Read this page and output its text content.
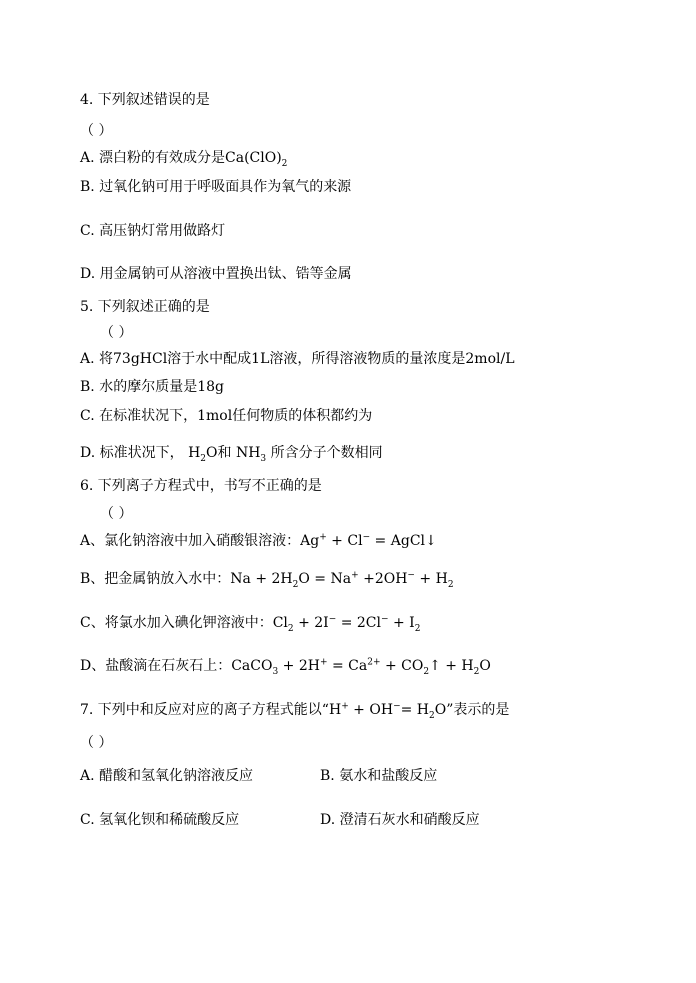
4. 下列叙述错误的是
（ ）
A. 漂白粉的有效成分是$Ca(ClO)_2$
B. 过氧化钠可用于呼吸面具作为氧气的来源
C. 高压钠灯常用做路灯
D. 用金属钠可从溶液中置换出钛、锆等金属
5. 下列叙述正确的是
（ ）
A. 将73gHCl溶于水中配成1L溶液，所得溶液物质的量浓度是2mol/L
B. 水的摩尔质量是18g
C. 在标准状况下，1mol任何物质的体积都约为
D. 标准状况下， $H_2O$和 $NH_3$ 所含分子个数相同
6. 下列离子方程式中，书写不正确的是
（ ）
A、氯化钠溶液中加入硝酸银溶液：Ag+ + Cl− = AgCl↓
B、把金属钠放入水中：$Na + 2H_2O = Na^+ +2OH^- + H_2$
C、将氯水加入碘化钾溶液中：$Cl_2 + 2I^- = 2Cl^- + I_2$
D、盐酸滴在石灰石上：CaCO$_3$ + $2H^+ = Ca^{2+}$ + $CO_2↑ + H_2O$
7. 下列中和反应对应的离子方程式能以“$H^+ + OH^-= H_2O$”表示的是
（ ）
A. 醋酸和氢氧化钠溶液反应	B. 氨水和盐酸反应
C. 氢氧化钡和稀硫酸反应	D. 澄清石灰水和硝酸反应
